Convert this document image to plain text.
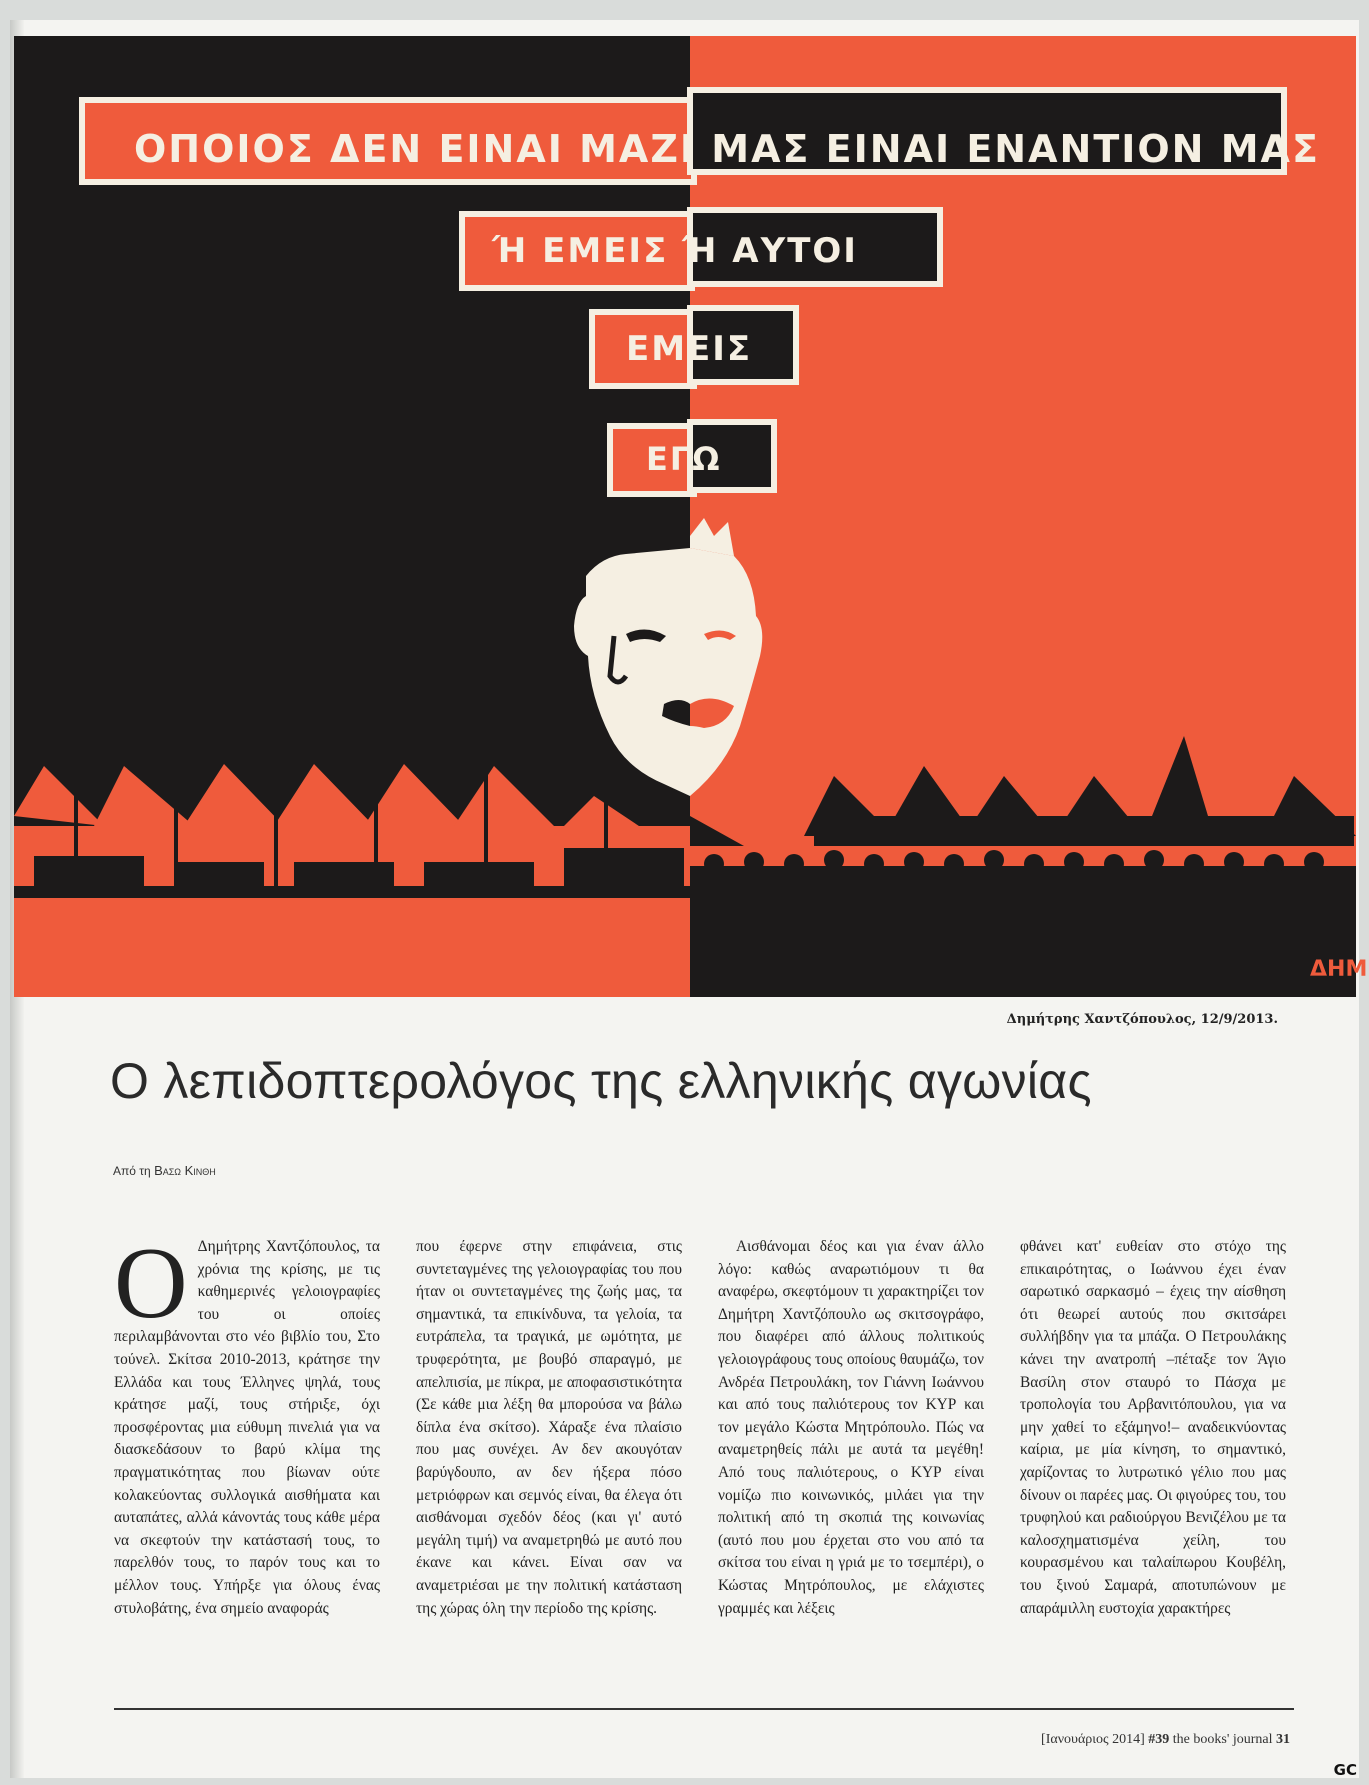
ΟΠΟΙΟΣ ΔΕΝ ΕΙΝΑΙ ΜΑΖΙ ΜΑΣ ΕΙΝΑΙ ΕΝΑΝΤΙΟΝ ΜΑΣ
Ή ΕΜΕΙΣ Ή ΑΥΤΟΙ
ΕΜΕΙΣ
ΕΓΩ
ΔΗΜ
Δημήτρης Χαντζόπουλος, 12/9/2013.
Ο λεπιδοπτερολόγος της ελληνικής αγωνίας
Από τη Βασω Κινθη
Ο Δημήτρης Χαντζόπουλος, τα χρόνια της κρίσης, με τις καθημερινές γελοιογραφίες του οι οποίες περιλαμβάνονται στο νέο βιβλίο του, Στο τούνελ. Σκίτσα 2010-2013, κράτησε την Ελλάδα και τους Έλληνες ψηλά, τους κράτησε μαζί, τους στήριξε, όχι προσφέροντας μια εύθυμη πινελιά για να διασκεδάσουν το βαρύ κλίμα της πραγματικότητας που βίωναν ούτε κολακεύοντας συλλογικά αισθήματα και αυταπάτες, αλλά κάνοντάς τους κάθε μέρα να σκεφτούν την κατάστασή τους, το παρελθόν τους, το παρόν τους και το μέλλον τους. Υπήρξε για όλους ένας στυλοβάτης, ένα σημείο αναφοράς

που έφερνε στην επιφάνεια, στις συντεταγμένες της γελοιογραφίας του που ήταν οι συντεταγμένες της ζωής μας, τα σημαντικά, τα επικίνδυνα, τα γελοία, τα ευτράπελα, τα τραγικά, με ωμότητα, με τρυφερότητα, με βουβό σπαραγμό, με απελπισία, με πίκρα, με αποφασιστικότητα (Σε κάθε μια λέξη θα μπορούσα να βάλω δίπλα ένα σκίτσο). Χάραξε ένα πλαίσιο που μας συνέχει. Αν δεν ακουγόταν βαρύγδουπο, αν δεν ήξερα πόσο μετριόφρων και σεμνός είναι, θα έλεγα ότι αισθάνομαι σχεδόν δέος (και γι' αυτό μεγάλη τιμή) να αναμετρηθώ με αυτό που έκανε και κάνει. Είναι σαν να αναμετριέσαι με την πολιτική κατάσταση της χώρας όλη την περίοδο της κρίσης.

Αισθάνομαι δέος και για έναν άλλο λόγο: καθώς αναρωτιόμουν τι θα αναφέρω, σκεφτόμουν τι χαρακτηρίζει τον Δημήτρη Χαντζόπουλο ως σκιτσογράφο, που διαφέρει από άλλους πολιτικούς γελοιογράφους τους οποίους θαυμάζω, τον Ανδρέα Πετρουλάκη, τον Γιάννη Ιωάννου και από τους παλιότερους τον ΚΥΡ και τον μεγάλο Κώστα Μητρόπουλο. Πώς να αναμετρηθείς πάλι με αυτά τα μεγέθη! Από τους παλιότερους, ο ΚΥΡ είναι νομίζω πιο κοινωνικός, μιλάει για την πολιτική από τη σκοπιά της κοινωνίας (αυτό που μου έρχεται στο νου από τα σκίτσα του είναι η γριά με το τσεμπέρι), ο Κώστας Μητρόπουλος, με ελάχιστες γραμμές και λέξεις

φθάνει κατ' ευθείαν στο στόχο της επικαιρότητας, ο Ιωάννου έχει έναν σαρωτικό σαρκασμό – έχεις την αίσθηση ότι θεωρεί αυτούς που σκιτσάρει συλλήβδην για τα μπάζα. Ο Πετρουλάκης κάνει την ανατροπή –πέταξε τον Άγιο Βασίλη στον σταυρό το Πάσχα με τροπολογία του Αρβανιτόπουλου, για να μην χαθεί το εξάμηνο!– αναδεικνύοντας καίρια, με μία κίνηση, το σημαντικό, χαρίζοντας το λυτρωτικό γέλιο που μας δίνουν οι παρέες μας. Οι φιγούρες του, του τρυφηλού και ραδιούργου Βενιζέλου με τα καλοσχηματισμένα χείλη, του κουρασμένου και ταλαίπωρου Κουβέλη, του ξινού Σαμαρά, αποτυπώνουν με απαράμιλλη ευστοχία χαρακτήρες

[Ιανουάριος 2014] #39 the books' journal 31
GC
